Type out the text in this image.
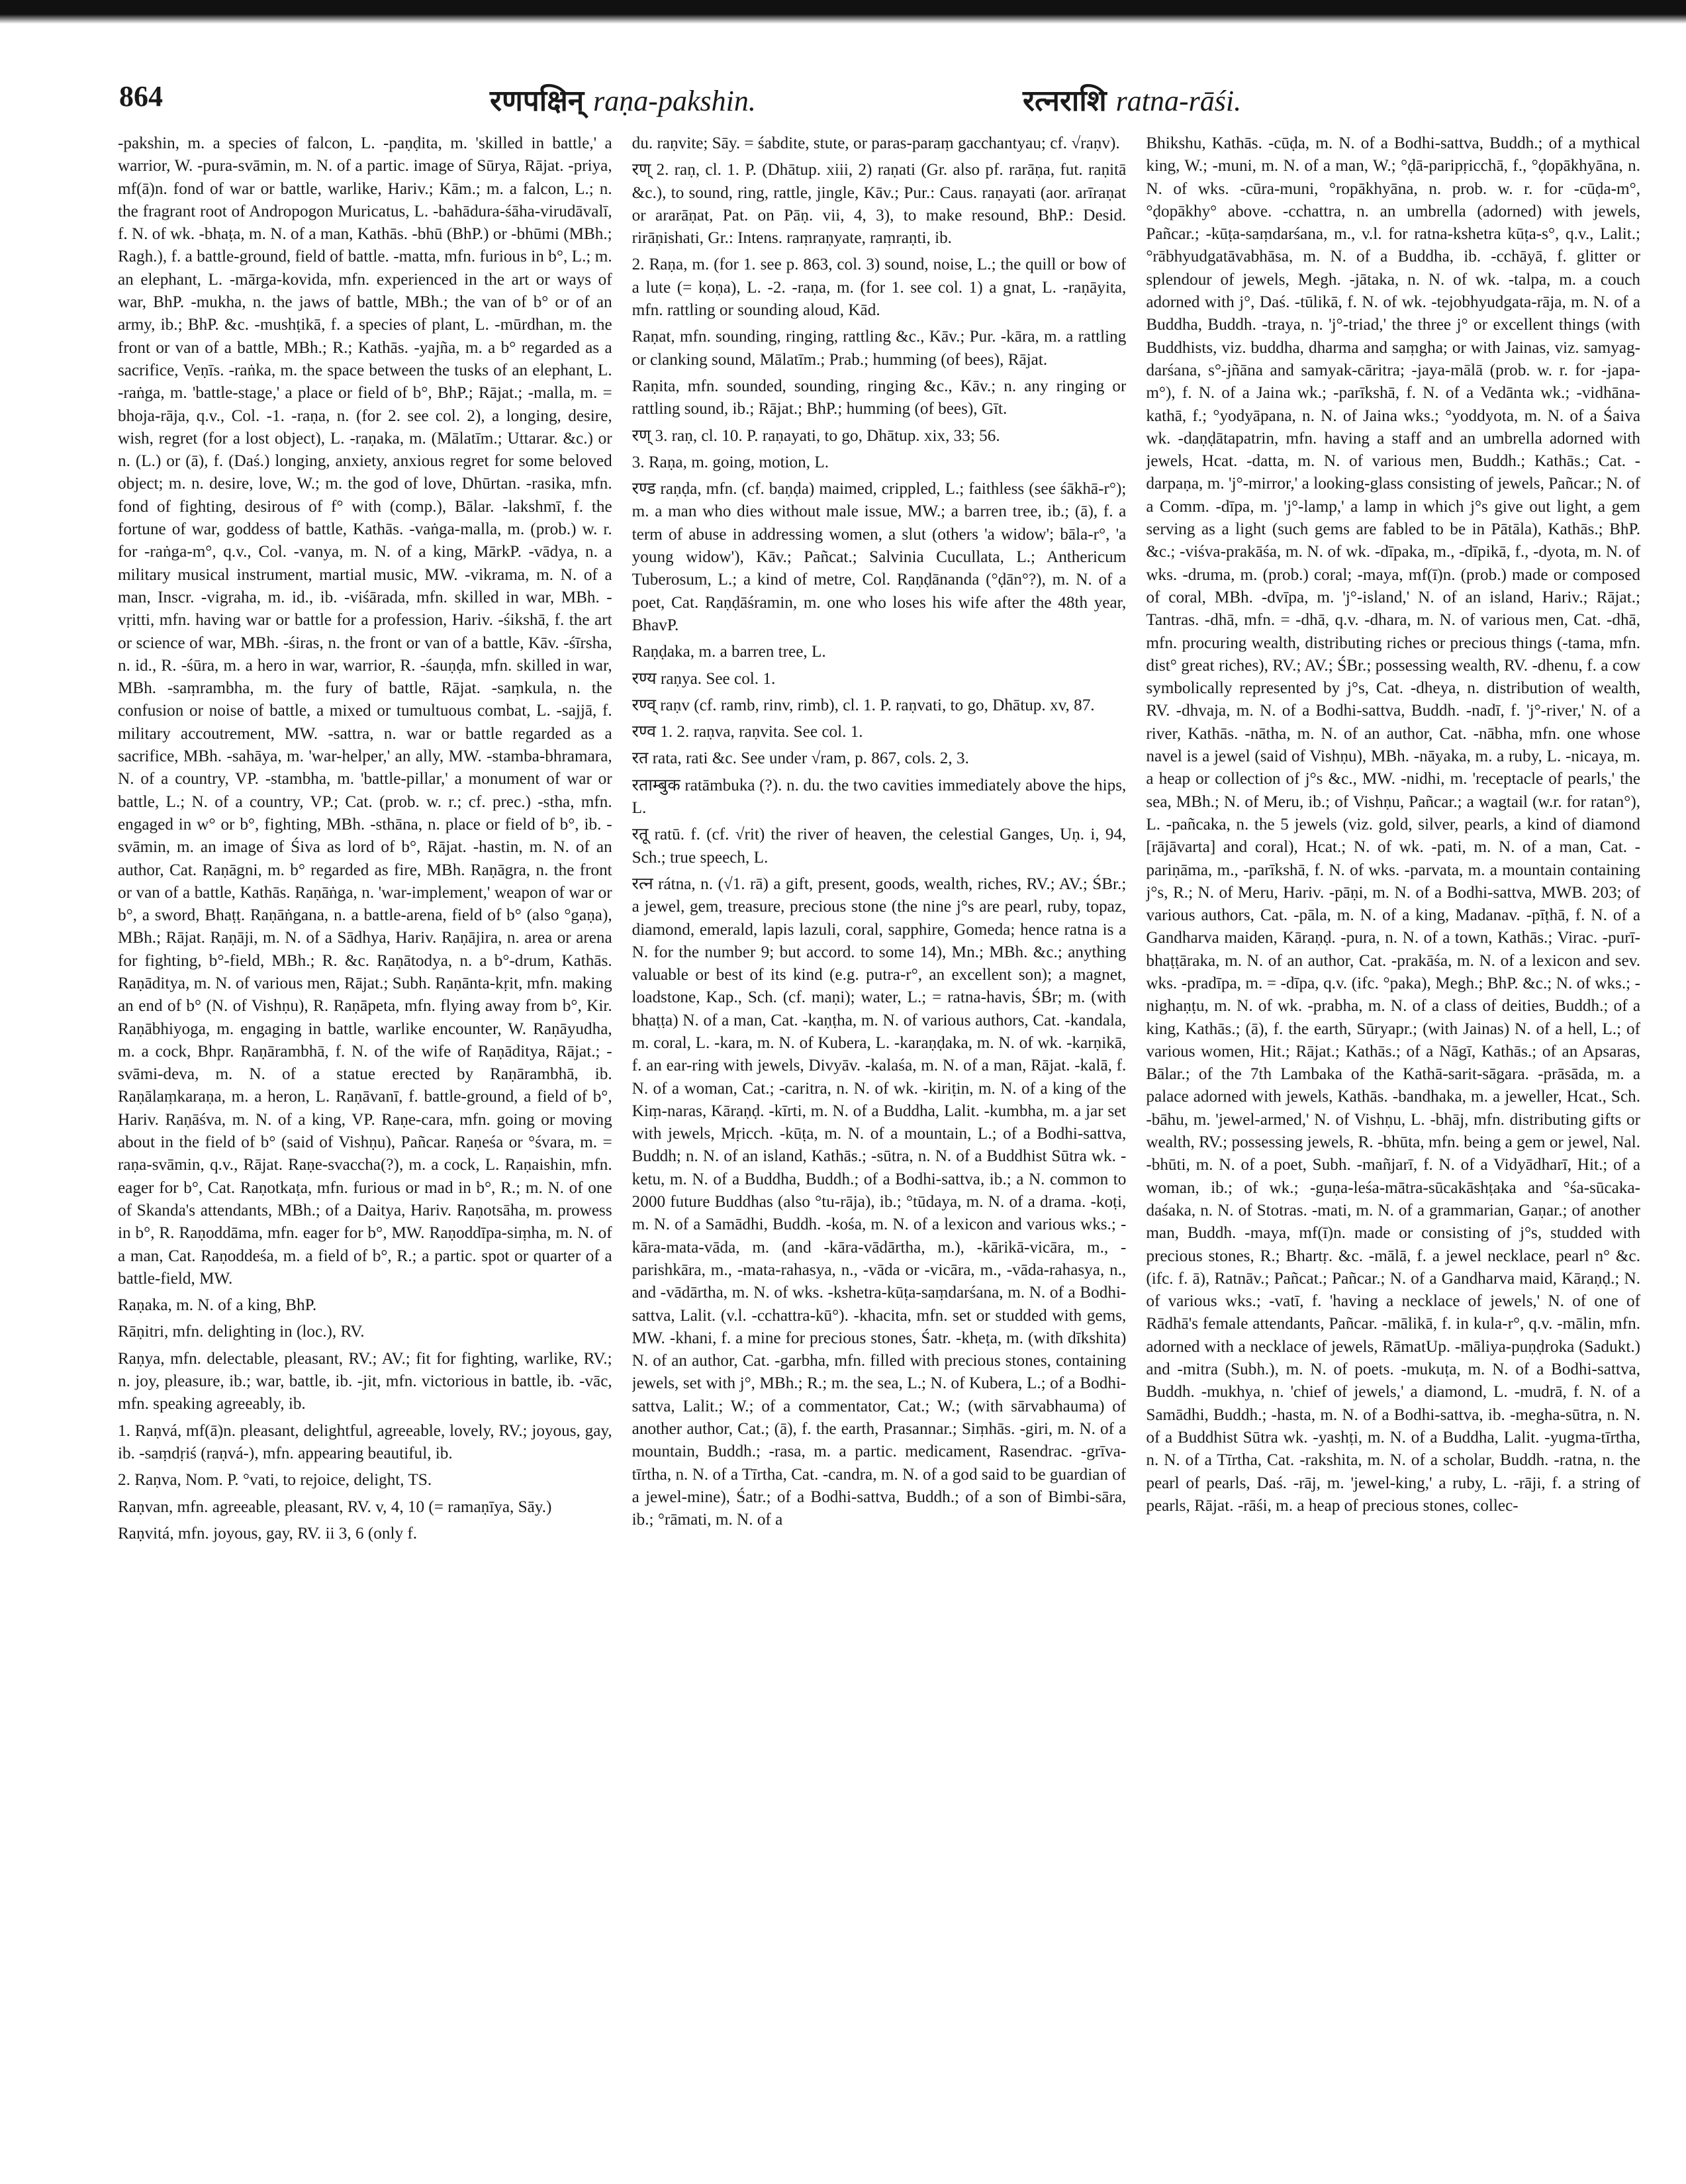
864	रणपक्षिन् raṇa-pakshin.	रत्नराशि ratna-rāśi.

-pakshin, m. a species of falcon, L. -paṇḍita, m. 'skilled in battle,' a warrior, W. -pura-svāmin, m. N. of a partic. image of Sūrya, Rājat. -priya, mf(ā)n. fond of war or battle, warlike, Hariv.; Kām.; m. a falcon, L.; n. the fragrant root of Andropogon Muricatus, L. -bahādura-śāha-virudāvalī, f. N. of wk. -bhaṭa, m. N. of a man, Kathās. -bhū (BhP.) or -bhūmi (MBh.; Ragh.), f. a battle-ground, field of battle. -matta, mfn. furious in b°, L.; m. an elephant, L. -mārga-kovida, mfn. experienced in the art or ways of war, BhP. -mukha, n. the jaws of battle, MBh.; the van of b° or of an army, ib.; BhP. &c. -mushṭikā, f. a species of plant, L. -mūrdhan, m. the front or van of a battle, MBh.; R.; Kathās. -yajña, m. a b° regarded as a sacrifice, Veṇīs. -raṅka, m. the space between the tusks of an elephant, L. -raṅga, m. 'battle-stage,' a place or field of b°, BhP.; Rājat.; -malla, m. = bhoja-rāja, q.v., Col. -1. -raṇa, n. (for 2. see col. 2), a longing, desire, wish, regret (for a lost object), L. -raṇaka, m. (Mālatīm.; Uttarar. &c.) or n. (L.) or (ā), f. (Daś.) longing, anxiety, anxious regret for some beloved object; m. n. desire, love, W.; m. the god of love, Dhūrtan. -rasika, mfn. fond of fighting, desirous of f° with (comp.), Bālar. -lakshmī, f. the fortune of war, goddess of battle, Kathās. -vaṅga-malla, m. (prob.) w. r. for -raṅga-m°, q.v., Col. -vanya, m. N. of a king, MārkP. -vādya, n. a military musical instrument, martial music, MW. -vikrama, m. N. of a man, Inscr. -vigraha, m. id., ib. -viśārada, mfn. skilled in war, MBh. -vṛitti, mfn. having war or battle for a profession, Hariv. -śikshā, f. the art or science of war, MBh. -śiras, n. the front or van of a battle, Kāv. -śīrsha, n. id., R. -śūra, m. a hero in war, warrior, R. -śauṇḍa, mfn. skilled in war, MBh. -saṃrambha, m. the fury of battle, Rājat. -saṃkula, n. the confusion or noise of battle, a mixed or tumultuous combat, L. -sajjā, f. military accoutrement, MW. -sattra, n. war or battle regarded as a sacrifice, MBh. -sahāya, m. 'war-helper,' an ally, MW. -stamba-bhramara, N. of a country, VP. -stambha, m. 'battle-pillar,' a monument of war or battle, L.; N. of a country, VP.; Cat. (prob. w. r.; cf. prec.) -stha, mfn. engaged in w° or b°, fighting, MBh. -sthāna, n. place or field of b°, ib. -svāmin, m. an image of Śiva as lord of b°, Rājat. -hastin, m. N. of an author, Cat. Raṇāgni, m. b° regarded as fire, MBh. Raṇāgra, n. the front or van of a battle, Kathās. Raṇāṅga, n. 'war-implement,' weapon of war or b°, a sword, Bhaṭṭ. Raṇāṅgana, n. a battle-arena, field of b° (also °gaṇa), MBh.; Rājat. Raṇāji, m. N. of a Sādhya, Hariv. Raṇājira, n. area or arena for fighting, b°-field, MBh.; R. &c. Raṇātodya, n. a b°-drum, Kathās. Raṇāditya, m. N. of various men, Rājat.; Subh. Raṇānta-kṛit, mfn. making an end of b° (N. of Vishṇu), R. Raṇāpeta, mfn. flying away from b°, Kir. Raṇābhiyoga, m. engaging in battle, warlike encounter, W. Raṇāyudha, m. a cock, Bhpr. Raṇārambhā, f. N. of the wife of Raṇāditya, Rājat.; -svāmi-deva, m. N. of a statue erected by Raṇārambhā, ib. Raṇālaṃkaraṇa, m. a heron, L. Raṇāvanī, f. battle-ground, a field of b°, Hariv. Raṇāśva, m. N. of a king, VP. Raṇe-cara, mfn. going or moving about in the field of b° (said of Vishṇu), Pañcar. Raṇeśa or °śvara, m. = raṇa-svāmin, q.v., Rājat. Raṇe-svaccha(?), m. a cock, L. Raṇaishin, mfn. eager for b°, Cat. Raṇotkaṭa, mfn. furious or mad in b°, R.; m. N. of one of Skanda's attendants, MBh.; of a Daitya, Hariv. Raṇotsāha, m. prowess in b°, R. Raṇoddāma, mfn. eager for b°, MW. Raṇoddīpa-siṃha, m. N. of a man, Cat. Raṇoddeśa, m. a field of b°, R.; a partic. spot or quarter of a battle-field, MW.

Raṇaka, m. N. of a king, BhP.

Rāṇitri, mfn. delighting in (loc.), RV.

Raṇya, mfn. delectable, pleasant, RV.; AV.; fit for fighting, warlike, RV.; n. joy, pleasure, ib.; war, battle, ib. -jit, mfn. victorious in battle, ib. -vāc, mfn. speaking agreeably, ib.

1. Raṇvá, mf(ā)n. pleasant, delightful, agreeable, lovely, RV.; joyous, gay, ib. -saṃdṛiś (raṇvá-), mfn. appearing beautiful, ib.

2. Raṇva, Nom. P. °vati, to rejoice, delight, TS.

Raṇvan, mfn. agreeable, pleasant, RV. v, 4, 10 (= ramaṇīya, Sāy.)

Raṇvitá, mfn. joyous, gay, RV. ii 3, 6 (only f.

du. raṇvite; Sāy. = śabdite, stute, or paras-paraṃ gacchantyau; cf. √raṇv).

रण् 2. raṇ, cl. 1. P. (Dhātup. xiii, 2) raṇati (Gr. also pf. rarāṇa, fut. raṇitā &c.), to sound, ring, rattle, jingle, Kāv.; Pur.: Caus. raṇayati (aor. arīraṇat or ararāṇat, Pat. on Pāṇ. vii, 4, 3), to make resound, BhP.: Desid. rirāṇishati, Gr.: Intens. raṃraṇyate, raṃraṇti, ib.

2. Raṇa, m. (for 1. see p. 863, col. 3) sound, noise, L.; the quill or bow of a lute (= koṇa), L. -2. -raṇa, m. (for 1. see col. 1) a gnat, L. -raṇāyita, mfn. rattling or sounding aloud, Kād.

Raṇat, mfn. sounding, ringing, rattling &c., Kāv.; Pur. -kāra, m. a rattling or clanking sound, Mālatīm.; Prab.; humming (of bees), Rājat.

Raṇita, mfn. sounded, sounding, ringing &c., Kāv.; n. any ringing or rattling sound, ib.; Rājat.; BhP.; humming (of bees), Gīt.

रण् 3. raṇ, cl. 10. P. raṇayati, to go, Dhātup. xix, 33; 56.

3. Raṇa, m. going, motion, L.

रण्ड raṇḍa, mfn. (cf. baṇḍa) maimed, crippled, L.; faithless (see śākhā-r°); m. a man who dies without male issue, MW.; a barren tree, ib.; (ā), f. a term of abuse in addressing women, a slut (others 'a widow'; bāla-r°, 'a young widow'), Kāv.; Pañcat.; Salvinia Cucullata, L.; Anthericum Tuberosum, L.; a kind of metre, Col. Raṇḍānanda (°ḍān°?), m. N. of a poet, Cat. Raṇḍāśramin, m. one who loses his wife after the 48th year, BhavP.

Raṇḍaka, m. a barren tree, L.

रण्य raṇya. See col. 1.

रण्व् raṇv (cf. ramb, rinv, rimb), cl. 1. P. raṇvati, to go, Dhātup. xv, 87.

रण्व 1. 2. raṇva, raṇvita. See col. 1.

रत rata, rati &c. See under √ram, p. 867, cols. 2, 3.

रताम्बुक ratāmbuka (?). n. du. the two cavities immediately above the hips, L.

रतू ratū. f. (cf. √rit) the river of heaven, the celestial Ganges, Uṇ. i, 94, Sch.; true speech, L.

रत्न rátna, n. (√1. rā) a gift, present, goods, wealth, riches, RV.; AV.; ŚBr.; a jewel, gem, treasure, precious stone (the nine j°s are pearl, ruby, topaz, diamond, emerald, lapis lazuli, coral, sapphire, Gomeda; hence ratna is a N. for the number 9; but accord. to some 14), Mn.; MBh. &c.; anything valuable or best of its kind (e.g. putra-r°, an excellent son); a magnet, loadstone, Kap., Sch. (cf. maṇi); water, L.; = ratna-havis, ŚBr; m. (with bhaṭṭa) N. of a man, Cat. -kaṇṭha, m. N. of various authors, Cat. -kandala, m. coral, L. -kara, m. N. of Kubera, L. -karaṇḍaka, m. N. of wk. -karṇikā, f. an ear-ring with jewels, Divyāv. -kalaśa, m. N. of a man, Rājat. -kalā, f. N. of a woman, Cat.; -caritra, n. N. of wk. -kiriṭin, m. N. of a king of the Kiṃ-naras, Kāraṇḍ. -kīrti, m. N. of a Buddha, Lalit. -kumbha, m. a jar set with jewels, Mṛicch. -kūṭa, m. N. of a mountain, L.; of a Bodhi-sattva, Buddh; n. N. of an island, Kathās.; -sūtra, n. N. of a Buddhist Sūtra wk. -ketu, m. N. of a Buddha, Buddh.; of a Bodhi-sattva, ib.; a N. common to 2000 future Buddhas (also °tu-rāja), ib.; °tūdaya, m. N. of a drama. -koṭi, m. N. of a Samādhi, Buddh. -kośa, m. N. of a lexicon and various wks.; -kāra-mata-vāda, m. (and -kāra-vādārtha, m.), -kārikā-vicāra, m., -parishkāra, m., -mata-rahasya, n., -vāda or -vicāra, m., -vāda-rahasya, n., and -vādārtha, m. N. of wks. -kshetra-kūṭa-saṃdarśana, m. N. of a Bodhi-sattva, Lalit. (v.l. -cchattra-kū°). -khacita, mfn. set or studded with gems, MW. -khani, f. a mine for precious stones, Śatr. -kheṭa, m. (with dīkshita) N. of an author, Cat. -garbha, mfn. filled with precious stones, containing jewels, set with j°, MBh.; R.; m. the sea, L.; N. of Kubera, L.; of a Bodhi-sattva, Lalit.; W.; of a commentator, Cat.; W.; (with sārvabhauma) of another author, Cat.; (ā), f. the earth, Prasannar.; Siṃhās. -giri, m. N. of a mountain, Buddh.; -rasa, m. a partic. medicament, Rasendrac. -grīva-tīrtha, n. N. of a Tīrtha, Cat. -candra, m. N. of a god said to be guardian of a jewel-mine), Śatr.; of a Bodhi-sattva, Buddh.; of a son of Bimbi-sāra, ib.; °rāmati, m. N. of a

Bhikshu, Kathās. -cūḍa, m. N. of a Bodhi-sattva, Buddh.; of a mythical king, W.; -muni, m. N. of a man, W.; °ḍā-paripṛicchā, f., °ḍopākhyāna, n. N. of wks. -cūra-muni, °ropākhyāna, n. prob. w. r. for -cūḍa-m°, °ḍopākhy° above. -cchattra, n. an umbrella (adorned) with jewels, Pañcar.; -kūṭa-saṃdarśana, m., v.l. for ratna-kshetra kūṭa-s°, q.v., Lalit.; °rābhyudgatāvabhāsa, m. N. of a Buddha, ib. -cchāyā, f. glitter or splendour of jewels, Megh. -jātaka, n. N. of wk. -talpa, m. a couch adorned with j°, Daś. -tūlikā, f. N. of wk. -tejobhyudgata-rāja, m. N. of a Buddha, Buddh. -traya, n. 'j°-triad,' the three j° or excellent things (with Buddhists, viz. buddha, dharma and saṃgha; or with Jainas, viz. samyag-darśana, s°-jñāna and samyak-cāritra; -jaya-mālā (prob. w. r. for -japa-m°), f. N. of a Jaina wk.; -parīkshā, f. N. of a Vedānta wk.; -vidhāna-kathā, f.; °yodyāpana, n. N. of Jaina wks.; °yoddyota, m. N. of a Śaiva wk. -daṇḍātapatrin, mfn. having a staff and an umbrella adorned with jewels, Hcat. -datta, m. N. of various men, Buddh.; Kathās.; Cat. -darpaṇa, m. 'j°-mirror,' a looking-glass consisting of jewels, Pañcar.; N. of a Comm. -dīpa, m. 'j°-lamp,' a lamp in which j°s give out light, a gem serving as a light (such gems are fabled to be in Pātāla), Kathās.; BhP. &c.; -viśva-prakāśa, m. N. of wk. -dīpaka, m., -dīpikā, f., -dyota, m. N. of wks. -druma, m. (prob.) coral; -maya, mf(ī)n. (prob.) made or composed of coral, MBh. -dvīpa, m. 'j°-island,' N. of an island, Hariv.; Rājat.; Tantras. -dhā, mfn. = -dhā, q.v. -dhara, m. N. of various men, Cat. -dhā, mfn. procuring wealth, distributing riches or precious things (-tama, mfn. dist° great riches), RV.; AV.; ŚBr.; possessing wealth, RV. -dhenu, f. a cow symbolically represented by j°s, Cat. -dheya, n. distribution of wealth, RV. -dhvaja, m. N. of a Bodhi-sattva, Buddh. -nadī, f. 'j°-river,' N. of a river, Kathās. -nātha, m. N. of an author, Cat. -nābha, mfn. one whose navel is a jewel (said of Vishṇu), MBh. -nāyaka, m. a ruby, L. -nicaya, m. a heap or collection of j°s &c., MW. -nidhi, m. 'receptacle of pearls,' the sea, MBh.; N. of Meru, ib.; of Vishṇu, Pañcar.; a wagtail (w.r. for ratan°), L. -pañcaka, n. the 5 jewels (viz. gold, silver, pearls, a kind of diamond [rājāvarta] and coral), Hcat.; N. of wk. -pati, m. N. of a man, Cat. -pariṇāma, m., -parīkshā, f. N. of wks. -parvata, m. a mountain containing j°s, R.; N. of Meru, Hariv. -pāṇi, m. N. of a Bodhi-sattva, MWB. 203; of various authors, Cat. -pāla, m. N. of a king, Madanav. -pīṭhā, f. N. of a Gandharva maiden, Kāraṇḍ. -pura, n. N. of a town, Kathās.; Virac. -purī-bhaṭṭāraka, m. N. of an author, Cat. -prakāśa, m. N. of a lexicon and sev. wks. -pradīpa, m. = -dīpa, q.v. (ifc. °paka), Megh.; BhP. &c.; N. of wks.; -nighaṇṭu, m. N. of wk. -prabha, m. N. of a class of deities, Buddh.; of a king, Kathās.; (ā), f. the earth, Sūryapr.; (with Jainas) N. of a hell, L.; of various women, Hit.; Rājat.; Kathās.; of a Nāgī, Kathās.; of an Apsaras, Bālar.; of the 7th Lambaka of the Kathā-sarit-sāgara. -prāsāda, m. a palace adorned with jewels, Kathās. -bandhaka, m. a jeweller, Hcat., Sch. -bāhu, m. 'jewel-armed,' N. of Vishṇu, L. -bhāj, mfn. distributing gifts or wealth, RV.; possessing jewels, R. -bhūta, mfn. being a gem or jewel, Nal. -bhūti, m. N. of a poet, Subh. -mañjarī, f. N. of a Vidyādharī, Hit.; of a woman, ib.; of wk.; -guṇa-leśa-mātra-sūcakāshṭaka and °śa-sūcaka-daśaka, n. N. of Stotras. -mati, m. N. of a grammarian, Gaṇar.; of another man, Buddh. -maya, mf(ī)n. made or consisting of j°s, studded with precious stones, R.; Bhartṛ. &c. -mālā, f. a jewel necklace, pearl n° &c. (ifc. f. ā), Ratnāv.; Pañcat.; Pañcar.; N. of a Gandharva maid, Kāraṇḍ.; N. of various wks.; -vatī, f. 'having a necklace of jewels,' N. of one of Rādhā's female attendants, Pañcar. -mālikā, f. in kula-r°, q.v. -mālin, mfn. adorned with a necklace of jewels, RāmatUp. -māliya-puṇḍroka (Sadukt.) and -mitra (Subh.), m. N. of poets. -mukuṭa, m. N. of a Bodhi-sattva, Buddh. -mukhya, n. 'chief of jewels,' a diamond, L. -mudrā, f. N. of a Samādhi, Buddh.; -hasta, m. N. of a Bodhi-sattva, ib. -megha-sūtra, n. N. of a Buddhist Sūtra wk. -yashṭi, m. N. of a Buddha, Lalit. -yugma-tīrtha, n. N. of a Tīrtha, Cat. -rakshita, m. N. of a scholar, Buddh. -ratna, n. the pearl of pearls, Daś. -rāj, m. 'jewel-king,' a ruby, L. -rāji, f. a string of pearls, Rājat. -rāśi, m. a heap of precious stones, collec-
